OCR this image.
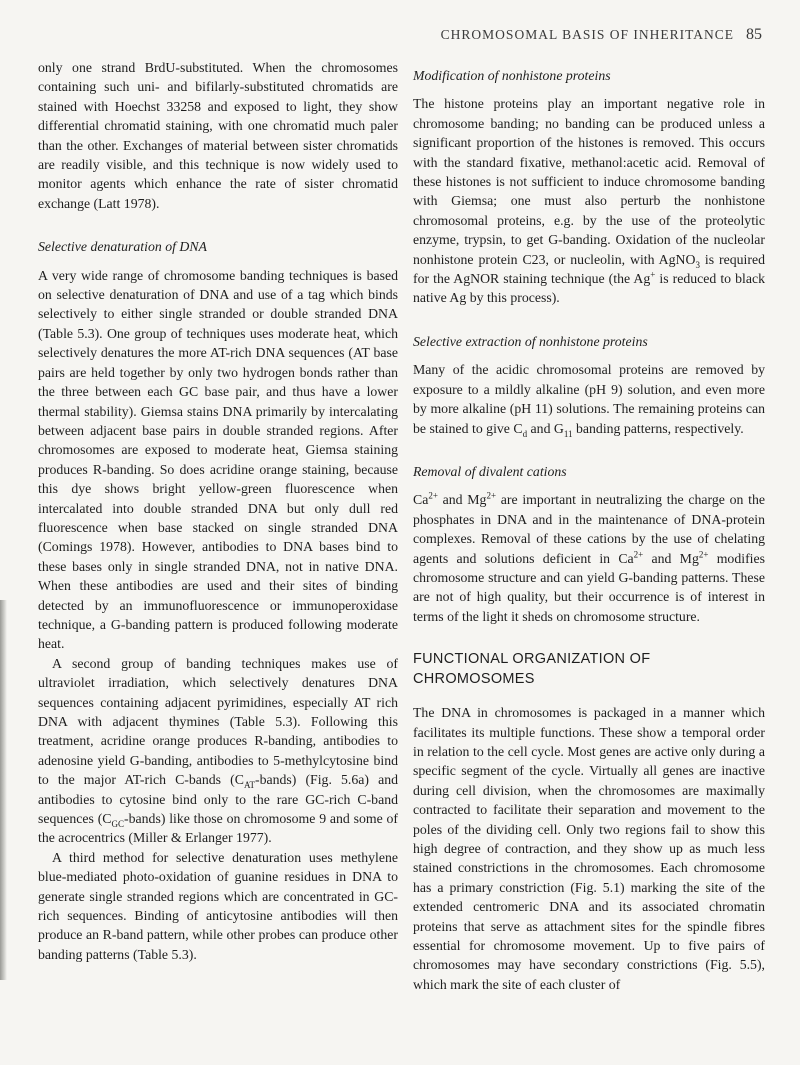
CHROMOSOMAL BASIS OF INHERITANCE 85

only one strand BrdU-substituted. When the chromosomes containing such uni- and bifilarly-substituted chromatids are stained with Hoechst 33258 and exposed to light, they show differential chromatid staining, with one chromatid much paler than the other. Exchanges of material between sister chromatids are readily visible, and this technique is now widely used to monitor agents which enhance the rate of sister chromatid exchange (Latt 1978).

Selective denaturation of DNA

A very wide range of chromosome banding techniques is based on selective denaturation of DNA and use of a tag which binds selectively to either single stranded or double stranded DNA (Table 5.3). One group of techniques uses moderate heat, which selectively denatures the more AT-rich DNA sequences (AT base pairs are held together by only two hydrogen bonds rather than the three between each GC base pair, and thus have a lower thermal stability). Giemsa stains DNA primarily by intercalating between adjacent base pairs in double stranded regions. After chromosomes are exposed to moderate heat, Giemsa staining produces R-banding. So does acridine orange staining, because this dye shows bright yellow-green fluorescence when intercalated into double stranded DNA but only dull red fluorescence when base stacked on single stranded DNA (Comings 1978). However, antibodies to DNA bases bind to these bases only in single stranded DNA, not in native DNA. When these antibodies are used and their sites of binding detected by an immunofluorescence or immunoperoxidase technique, a G-banding pattern is produced following moderate heat.

A second group of banding techniques makes use of ultraviolet irradiation, which selectively denatures DNA sequences containing adjacent pyrimidines, especially AT rich DNA with adjacent thymines (Table 5.3). Following this treatment, acridine orange produces R-banding, antibodies to adenosine yield G-banding, antibodies to 5-methylcytosine bind to the major AT-rich C-bands $(C_{AT}-bands)$ (Fig. 5.6a) and antibodies to cytosine bind only to the rare GC-rich C-band sequences $(C_{GC}-bands)$ like those on chromosome 9 and some of the acrocentrics (Miller & Erlanger 1977).

A third method for selective denaturation uses methylene blue-mediated photo-oxidation of guanine residues in DNA to generate single stranded regions which are concentrated in GC-rich sequences. Binding of anticytosine antibodies will then produce an R-band pattern, while other probes can produce other banding patterns (Table 5.3).

Modification of nonhistone proteins

The histone proteins play an important negative role in chromosome banding; no banding can be produced unless a significant proportion of the histones is removed. This occurs with the standard fixative, methanol:acetic acid. Removal of these histones is not sufficient to induce chromosome banding with Giemsa; one must also perturb the nonhistone chromosomal proteins, e.g. by the use of the proteolytic enzyme, trypsin, to get G-banding. Oxidation of the nucleolar nonhistone protein C23, or nucleolin, with AgNO$_3$ is required for the AgNOR staining technique (the Ag+ is reduced to black native Ag by this process).

Selective extraction of nonhistone proteins

Many of the acidic chromosomal proteins are removed by exposure to a mildly alkaline (pH 9) solution, and even more by more alkaline (pH 11) solutions. The remaining proteins can be stained to give $C_d$ and $G_{11}$ banding patterns, respectively.

Removal of divalent cations

$Ca^{2+}$ and $Mg^{2+}$ are important in neutralizing the charge on the phosphates in DNA and in the maintenance of DNA-protein complexes. Removal of these cations by the use of chelating agents and solutions deficient in $Ca^{2+}$ and $Mg^{2+}$ modifies chromosome structure and can yield G-banding patterns. These are not of high quality, but their occurrence is of interest in terms of the light it sheds on chromosome structure.

FUNCTIONAL ORGANIZATION OF CHROMOSOMES

The DNA in chromosomes is packaged in a manner which facilitates its multiple functions. These show a temporal order in relation to the cell cycle. Most genes are active only during a specific segment of the cycle. Virtually all genes are inactive during cell division, when the chromosomes are maximally contracted to facilitate their separation and movement to the poles of the dividing cell. Only two regions fail to show this high degree of contraction, and they show up as much less stained constrictions in the chromosomes. Each chromosome has a primary constriction (Fig. 5.1) marking the site of the extended centromeric DNA and its associated chromatin proteins that serve as attachment sites for the spindle fibres essential for chromosome movement. Up to five pairs of chromosomes may have secondary constrictions (Fig. 5.5), which mark the site of each cluster of
